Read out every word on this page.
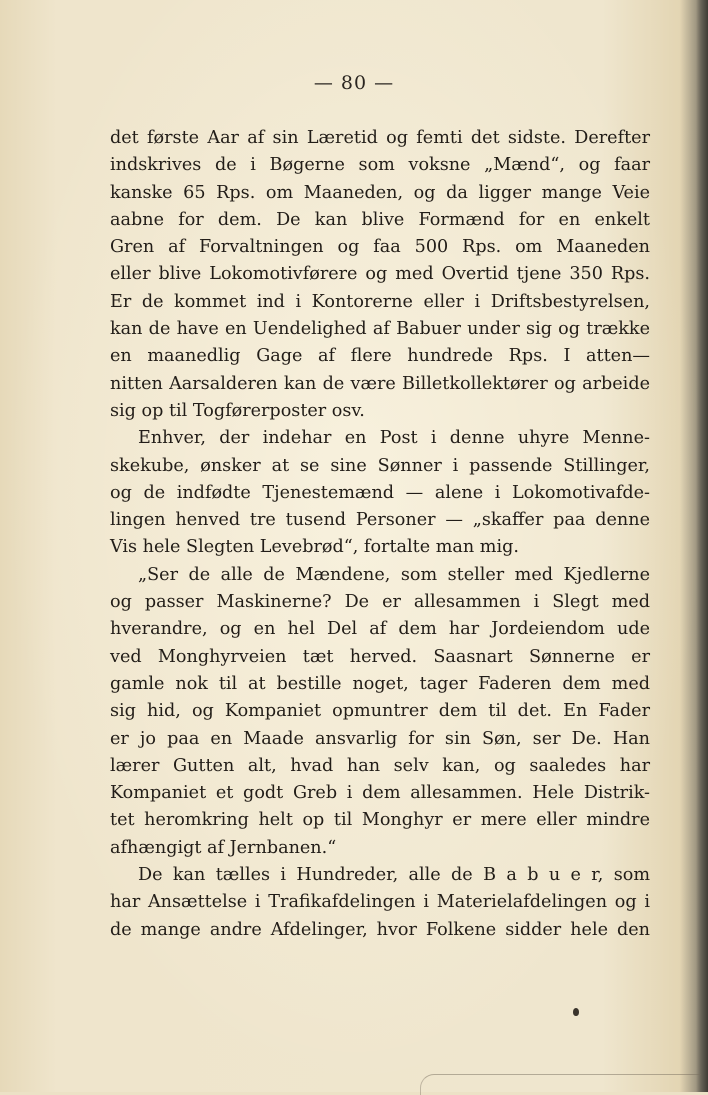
— 80 —
det første Aar af sin Læretid og femti det sidste. Derefter
indskrives de i Bøgerne som voksne „Mænd“, og faar
kanske 65 Rps. om Maaneden, og da ligger mange Veie
aabne for dem. De kan blive Formænd for en enkelt
Gren af Forvaltningen og faa 500 Rps. om Maaneden
eller blive Lokomotivførere og med Overtid tjene 350 Rps.
Er de kommet ind i Kontorerne eller i Driftsbestyrelsen,
kan de have en Uendelighed af Babuer under sig og trække
en maanedlig Gage af flere hundrede Rps. I atten—
nitten Aarsalderen kan de være Billetkollektører og arbeide
sig op til Togførerposter osv.
Enhver, der indehar en Post i denne uhyre Menne-
skekube, ønsker at se sine Sønner i passende Stillinger,
og de indfødte Tjenestemænd — alene i Lokomotivafde-
lingen henved tre tusend Personer — „skaffer paa denne
Vis hele Slegten Levebrød“, fortalte man mig.
„Ser de alle de Mændene, som steller med Kjedlerne
og passer Maskinerne? De er allesammen i Slegt med
hverandre, og en hel Del af dem har Jordeiendom ude
ved Monghyrveien tæt herved. Saasnart Sønnerne er
gamle nok til at bestille noget, tager Faderen dem med
sig hid, og Kompaniet opmuntrer dem til det. En Fader
er jo paa en Maade ansvarlig for sin Søn, ser De. Han
lærer Gutten alt, hvad han selv kan, og saaledes har
Kompaniet et godt Greb i dem allesammen. Hele Distrik-
tet heromkring helt op til Monghyr er mere eller mindre
afhængigt af Jernbanen.“
De kan tælles i Hundreder, alle de B a b u e r, som
har Ansættelse i Trafikafdelingen i Materielafdelingen og i
de mange andre Afdelinger, hvor Folkene sidder hele den
